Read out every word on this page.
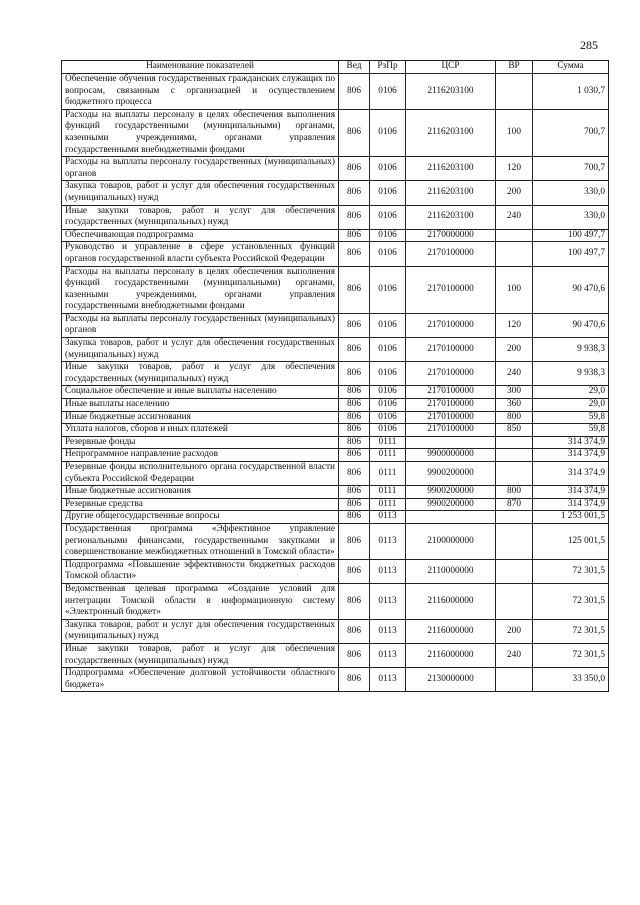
285
Наименование показателей	Вед	РзПр	ЦСР	ВР	Сумма
Обеспечение обучения государственных гражданских служащих по вопросам, связанным с организацией и осуществлением бюджетного процесса	806	0106	2116203100		1 030,7
Расходы на выплаты персоналу в целях обеспечения выполнения функций государственными (муниципальными) органами, казенными учреждениями, органами управления государственными внебюджетными фондами	806	0106	2116203100	100	700,7
Расходы на выплаты персоналу государственных (муниципальных) органов	806	0106	2116203100	120	700,7
Закупка товаров, работ и услуг для обеспечения государственных (муниципальных) нужд	806	0106	2116203100	200	330,0
Иные закупки товаров, работ и услуг для обеспечения государственных (муниципальных) нужд	806	0106	2116203100	240	330,0
Обеспечивающая подпрограмма	806	0106	2170000000		100 497,7
Руководство и управление в сфере установленных функций органов государственной власти субъекта Российской Федерации	806	0106	2170100000		100 497,7
Расходы на выплаты персоналу в целях обеспечения выполнения функций государственными (муниципальными) органами, казенными учреждениями, органами управления государственными внебюджетными фондами	806	0106	2170100000	100	90 470,6
Расходы на выплаты персоналу государственных (муниципальных) органов	806	0106	2170100000	120	90 470,6
Закупка товаров, работ и услуг для обеспечения государственных (муниципальных) нужд	806	0106	2170100000	200	9 938,3
Иные закупки товаров, работ и услуг для обеспечения государственных (муниципальных) нужд	806	0106	2170100000	240	9 938,3
Социальное обеспечение и иные выплаты населению	806	0106	2170100000	300	29,0
Иные выплаты населению	806	0106	2170100000	360	29,0
Иные бюджетные ассигнования	806	0106	2170100000	800	59,8
Уплата налогов, сборов и иных платежей	806	0106	2170100000	850	59,8
Резервные фонды	806	0111			314 374,9
Непрограммное направление расходов	806	0111	9900000000		314 374,9
Резервные фонды исполнительного органа государственной власти субъекта Российской Федерации	806	0111	9900200000		314 374,9
Иные бюджетные ассигнования	806	0111	9900200000	800	314 374,9
Резервные средства	806	0111	9900200000	870	314 374,9
Другие общегосударственные вопросы	806	0113			1 253 001,5
Государственная программа «Эффективное управление региональными финансами, государственными закупками и совершенствование межбюджетных отношений в Томской области»	806	0113	2100000000		125 001,5
Подпрограмма «Повышение эффективности бюджетных расходов Томской области»	806	0113	2110000000		72 301,5
Ведомственная целевая программа «Создание условий для интеграции Томской области в информационную систему «Электронный бюджет»	806	0113	2116000000		72 301,5
Закупка товаров, работ и услуг для обеспечения государственных (муниципальных) нужд	806	0113	2116000000	200	72 301,5
Иные закупки товаров, работ и услуг для обеспечения государственных (муниципальных) нужд	806	0113	2116000000	240	72 301,5
Подпрограмма «Обеспечение долговой устойчивости областного бюджета»	806	0113	2130000000		33 350,0
